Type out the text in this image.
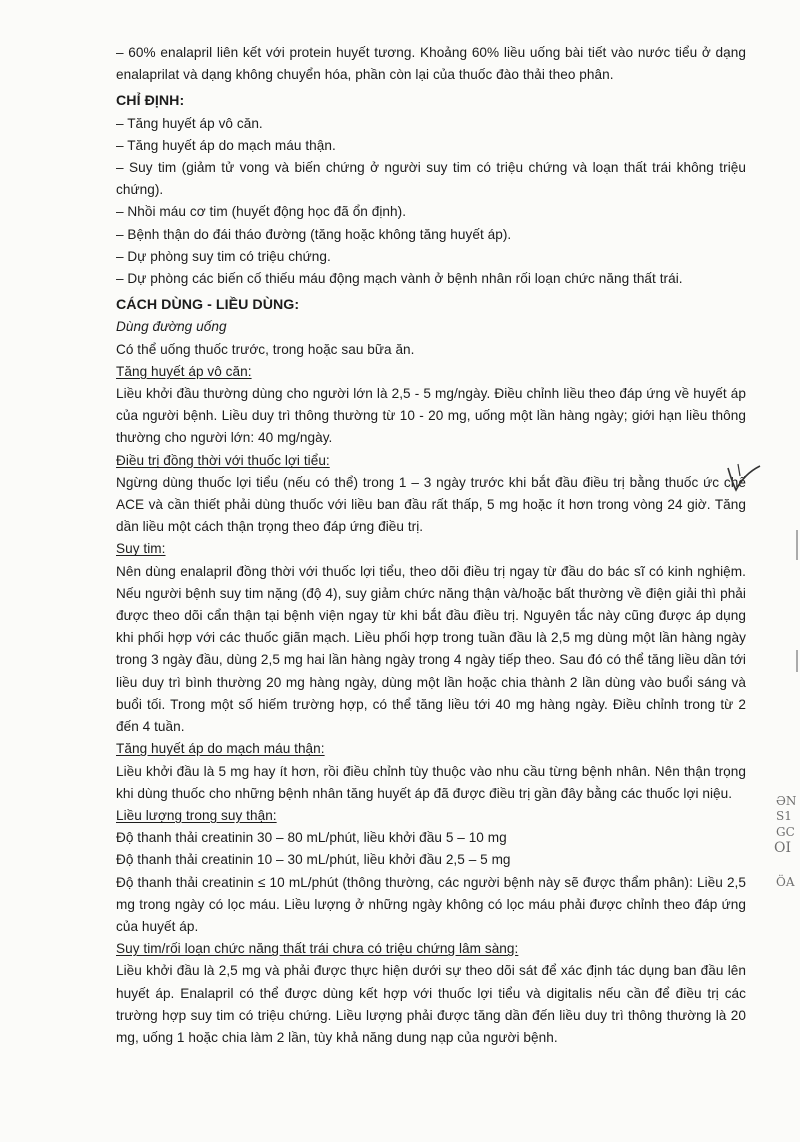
– 60% enalapril liên kết với protein huyết tương. Khoảng 60% liều uống bài tiết vào nước tiểu ở dạng enalaprilat và dạng không chuyển hóa, phần còn lại của thuốc đào thải theo phân.

CHỈ ĐỊNH:

– Tăng huyết áp vô căn.

– Tăng huyết áp do mạch máu thận.

– Suy tim (giảm tử vong và biến chứng ở người suy tim có triệu chứng và loạn thất trái không triệu chứng).

– Nhồi máu cơ tim (huyết động học đã ổn định).

– Bệnh thận do đái tháo đường (tăng hoặc không tăng huyết áp).

– Dự phòng suy tim có triệu chứng.

– Dự phòng các biến cố thiếu máu động mạch vành ở bệnh nhân rối loạn chức năng thất trái.

CÁCH DÙNG - LIỀU DÙNG:

Dùng đường uống

Có thể uống thuốc trước, trong hoặc sau bữa ăn.

Tăng huyết áp vô căn:

Liều khởi đầu thường dùng cho người lớn là 2,5 - 5 mg/ngày. Điều chỉnh liều theo đáp ứng về huyết áp của người bệnh. Liều duy trì thông thường từ 10 - 20 mg, uống một lần hàng ngày; giới hạn liều thông thường cho người lớn: 40 mg/ngày.

Điều trị đồng thời với thuốc lợi tiểu:

Ngừng dùng thuốc lợi tiểu (nếu có thể) trong 1 – 3 ngày trước khi bắt đầu điều trị bằng thuốc ức chế ACE và cần thiết phải dùng thuốc với liều ban đầu rất thấp, 5 mg hoặc ít hơn trong vòng 24 giờ. Tăng dần liều một cách thận trọng theo đáp ứng điều trị.

Suy tim:

Nên dùng enalapril đồng thời với thuốc lợi tiểu, theo dõi điều trị ngay từ đầu do bác sĩ có kinh nghiệm. Nếu người bệnh suy tim nặng (độ 4), suy giảm chức năng thận và/hoặc bất thường về điện giải thì phải được theo dõi cẩn thận tại bệnh viện ngay từ khi bắt đầu điều trị. Nguyên tắc này cũng được áp dụng khi phối hợp với các thuốc giãn mạch. Liều phối hợp trong tuần đầu là 2,5 mg dùng một lần hàng ngày trong 3 ngày đầu, dùng 2,5 mg hai lần hàng ngày trong 4 ngày tiếp theo. Sau đó có thể tăng liều dần tới liều duy trì bình thường 20 mg hàng ngày, dùng một lần hoặc chia thành 2 lần dùng vào buổi sáng và buổi tối. Trong một số hiếm trường hợp, có thể tăng liều tới 40 mg hàng ngày. Điều chỉnh trong từ 2 đến 4 tuần.

Tăng huyết áp do mạch máu thận:

Liều khởi đầu là 5 mg hay ít hơn, rồi điều chỉnh tùy thuộc vào nhu cầu từng bệnh nhân. Nên thận trọng khi dùng thuốc cho những bệnh nhân tăng huyết áp đã được điều trị gần đây bằng các thuốc lợi niệu.

Liều lượng trong suy thận:

Độ thanh thải creatinin 30 – 80 mL/phút, liều khởi đầu 5 – 10 mg

Độ thanh thải creatinin 10 – 30 mL/phút, liều khởi đầu 2,5 – 5 mg

Độ thanh thải creatinin ≤ 10 mL/phút (thông thường, các người bệnh này sẽ được thẩm phân): Liều 2,5 mg trong ngày có lọc máu. Liều lượng ở những ngày không có lọc máu phải được chỉnh theo đáp ứng của huyết áp.

Suy tim/rối loạn chức năng thất trái chưa có triệu chứng lâm sàng:

Liều khởi đầu là 2,5 mg và phải được thực hiện dưới sự theo dõi sát để xác định tác dụng ban đầu lên huyết áp. Enalapril có thể được dùng kết hợp với thuốc lợi tiểu và digitalis nếu cần để điều trị các trường hợp suy tim có triệu chứng. Liều lượng phải được tăng dần đến liều duy trì thông thường là 20 mg, uống 1 hoặc chia làm 2 lần, tùy khả năng dung nạp của người bệnh.

ƏN
S1
GC
OI
ÖA
